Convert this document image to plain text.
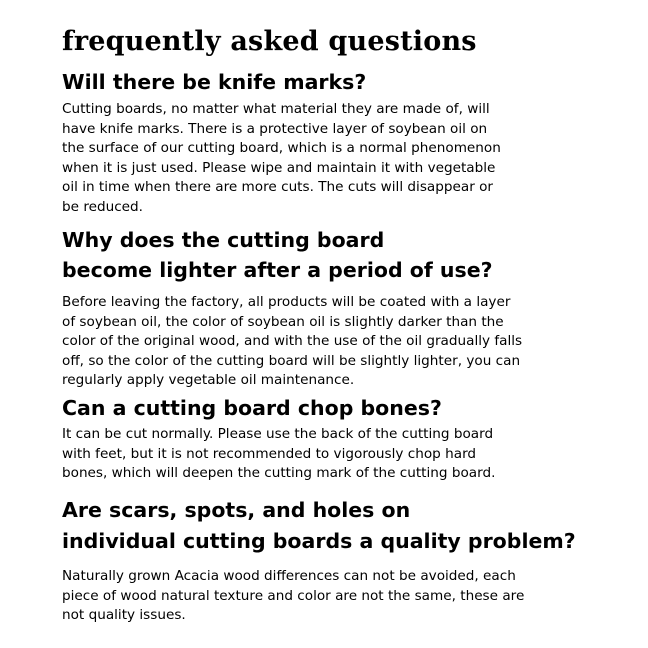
frequently asked questions
Will there be knife marks?

Cutting boards, no matter what material they are made of, will
have knife marks. There is a protective layer of soybean oil on
the surface of our cutting board, which is a normal phenomenon
when it is just used. Please wipe and maintain it with vegetable
oil in time when there are more cuts. The cuts will disappear or
be reduced.

Why does the cutting board
become lighter after a period of use?

Before leaving the factory, all products will be coated with a layer
of soybean oil, the color of soybean oil is slightly darker than the
color of the original wood, and with the use of the oil gradually falls
off, so the color of the cutting board will be slightly lighter, you can
regularly apply vegetable oil maintenance.

Can a cutting board chop bones?

It can be cut normally. Please use the back of the cutting board
with feet, but it is not recommended to vigorously chop hard
bones, which will deepen the cutting mark of the cutting board.

Are scars, spots, and holes on
individual cutting boards a quality problem?

Naturally grown Acacia wood differences can not be avoided, each
piece of wood natural texture and color are not the same, these are
not quality issues.
